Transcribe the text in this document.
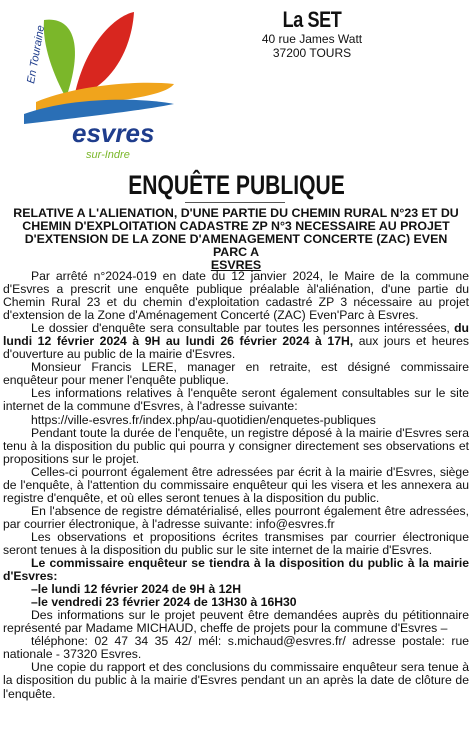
En Touraine
esvres
sur-Indre
La SET
40 rue James Watt
37200 TOURS
ENQUÊTE PUBLIQUE
RELATIVE A L'ALIENATION, D'UNE PARTIE DU CHEMIN RURAL N°23 ET DU
CHEMIN D'EXPLOITATION CADASTRE ZP N°3 NECESSAIRE AU PROJET
D'EXTENSION DE LA ZONE D'AMENAGEMENT CONCERTE (ZAC) EVEN PARC A
ESVRES

Par arrêté n°2024-019 en date du 12 janvier 2024, le Maire de la commune d'Esvres a prescrit une enquête publique préalable àl'aliénation, d'une partie du Chemin Rural 23 et du chemin d'exploitation cadastré ZP 3 nécessaire au projet d'extension de la Zone d'Aménagement Concerté (ZAC) Even'Parc à Esvres.

Le dossier d'enquête sera consultable par toutes les personnes intéressées, du lundi 12 février 2024 à 9H au lundi 26 février 2024 à 17H, aux jours et heures d'ouverture au public de la mairie d'Esvres.

Monsieur Francis LERE, manager en retraite, est désigné commissaire enquêteur pour mener l'enquête publique.

Les informations relatives à l'enquête seront également consultables sur le site internet de la commune d'Esvres, à l'adresse suivante:

https://ville-esvres.fr/index.php/au-quotidien/enquetes-publiques

Pendant toute la durée de l'enquête, un registre déposé à la mairie d'Esvres sera tenu à la disposition du public qui pourra y consigner directement ses observations et propositions sur le projet.

Celles-ci pourront également être adressées par écrit à la mairie d'Esvres, siège de l'enquête, à l'attention du commissaire enquêteur qui les visera et les annexera au registre d'enquête, et où elles seront tenues à la disposition du public.

En l'absence de registre dématérialisé, elles pourront également être adressées, par courrier électronique, à l'adresse suivante: info@esvres.fr

Les observations et propositions écrites transmises par courrier électronique seront tenues à la disposition du public sur le site internet de la mairie d'Esvres.

Le commissaire enquêteur se tiendra à la disposition du public à la mairie d'Esvres:

–le lundi 12 février 2024 de 9H à 12H

–le vendredi 23 février 2024 de 13H30 à 16H30

Des informations sur le projet peuvent être demandées auprès du pétitionnaire représenté par Madame MICHAUD, cheffe de projets pour la commune d'Esvres –

téléphone: 02 47 34 35 42/ mél: s.michaud@esvres.fr/ adresse postale: rue nationale - 37320 Esvres.

Une copie du rapport et des conclusions du commissaire enquêteur sera tenue à la disposition du public à la mairie d'Esvres pendant un an après la date de clôture de l'enquête.
